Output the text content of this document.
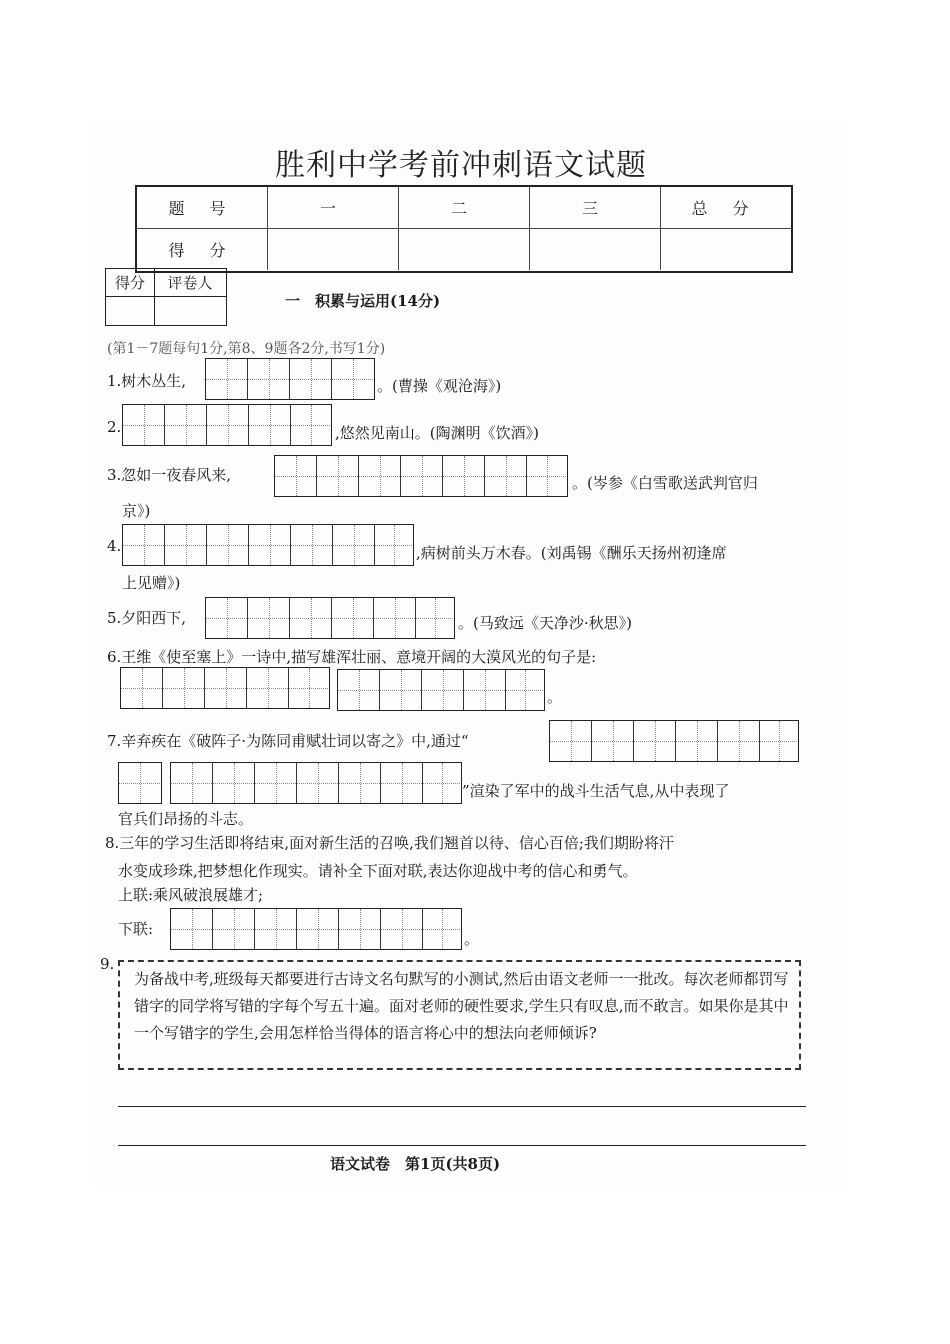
胜利中学考前冲刺语文试题
题 号	一	二	三	总 分
得 分
得分	评卷人
一　积累与运用(14分)
(第1－7题每句1分,第8、9题各2分,书写1分)
1.树木丛生,	。(曹操《观沧海》)
2.	,悠然见南山。(陶渊明《饮酒》)
3.忽如一夜春风来,	。(岑参《白雪歌送武判官归
京》)
4.	,病树前头万木春。(刘禹锡《酬乐天扬州初逢席
上见赠》)
5.夕阳西下,	。(马致远《天净沙·秋思》)
6.王维《使至塞上》一诗中,描写雄浑壮丽、意境开阔的大漠风光的句子是:
。
7.辛弃疾在《破阵子·为陈同甫赋壮词以寄之》中,通过“
”渲染了军中的战斗生活气息,从中表现了
官兵们昂扬的斗志。
8.三年的学习生活即将结束,面对新生活的召唤,我们翘首以待、信心百倍;我们期盼将汗
水变成珍珠,把梦想化作现实。请补全下面对联,表达你迎战中考的信心和勇气。
上联:乘风破浪展雄才;
下联:
。
9.
为备战中考,班级每天都要进行古诗文名句默写的小测试,然后由语文老师一一批改。每次老师都罚写错字的同学将写错的字每个写五十遍。面对老师的硬性要求,学生只有叹息,而不敢言。如果你是其中一个写错字的学生,会用怎样恰当得体的语言将心中的想法向老师倾诉?
语文试卷　第1页(共8页)
